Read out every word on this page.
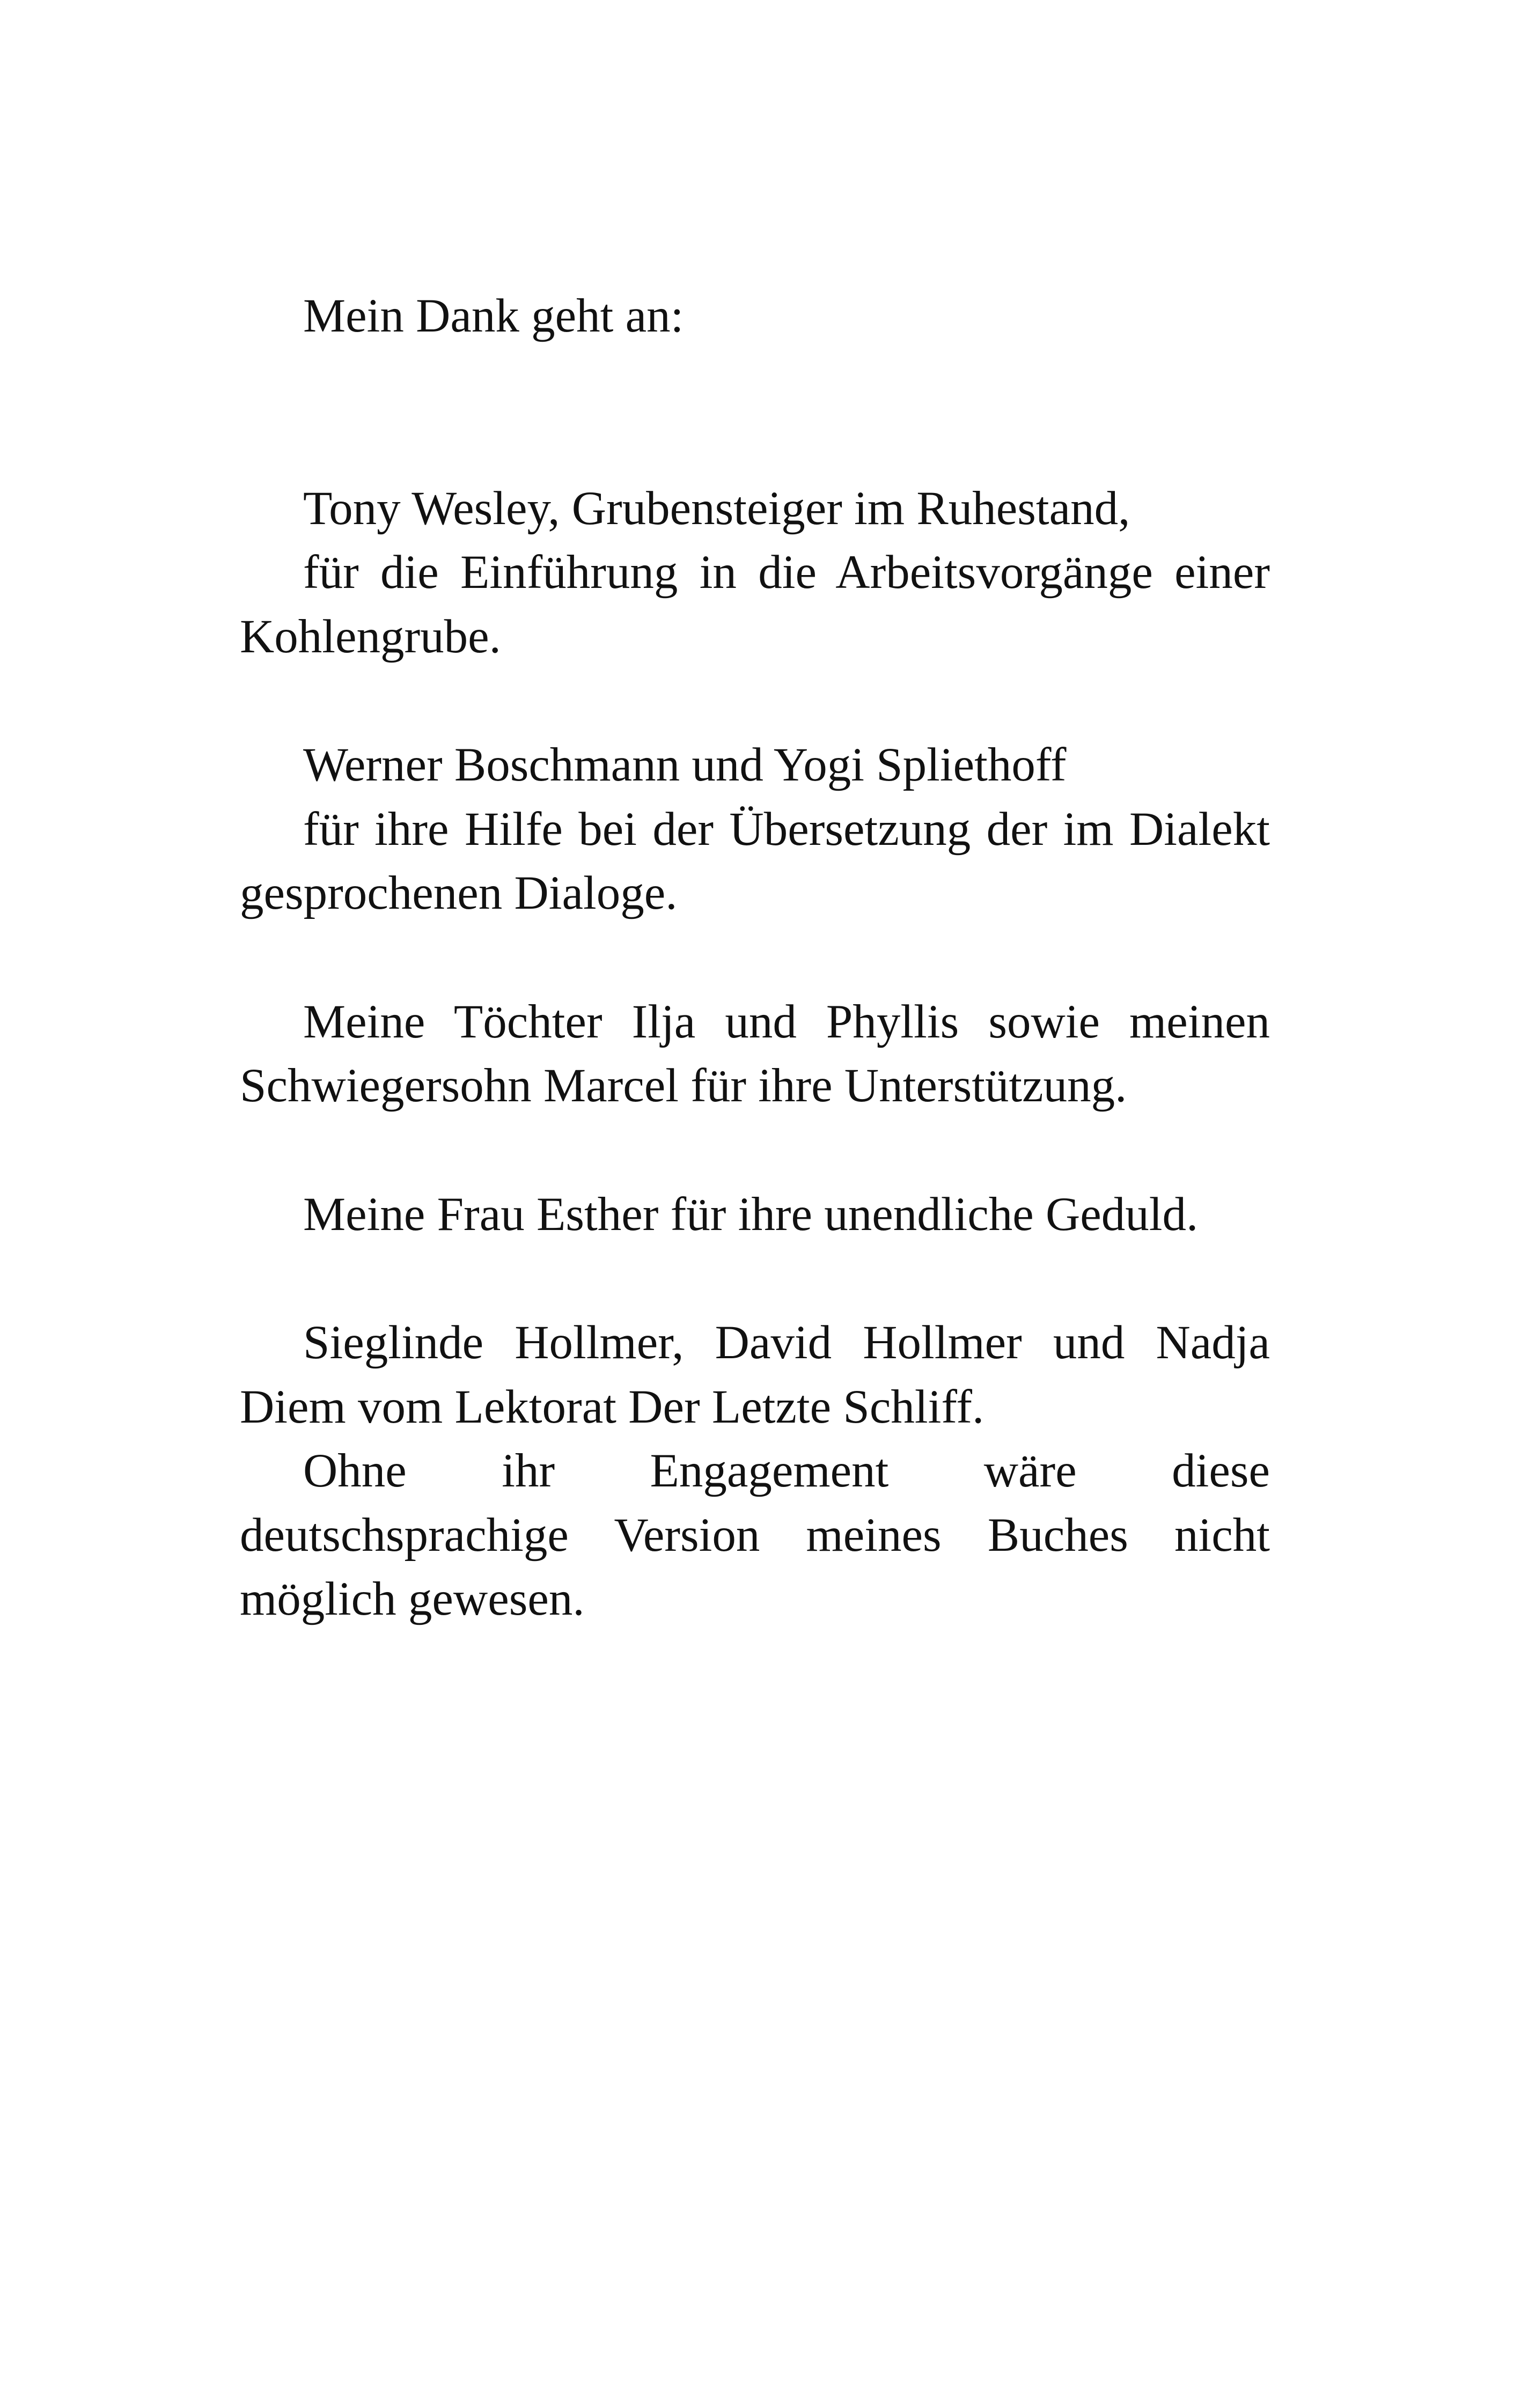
Mein Dank geht an:

Tony Wesley, Grubensteiger im Ruhestand,

für die Einführung in die Arbeitsvorgänge einer Kohlengrube.

Werner Boschmann und Yogi Spliethoff

für ihre Hilfe bei der Übersetzung der im Dialekt gesprochenen Dialoge.

Meine Töchter Ilja und Phyllis sowie meinen Schwiegersohn Marcel für ihre Unterstützung.

Meine Frau Esther für ihre unendliche Geduld.

Sieglinde Hollmer, David Hollmer und Nadja Diem vom Lektorat Der Letzte Schliff.

Ohne ihr Engagement wäre diese deutschsprachige Version meines Buches nicht möglich gewesen.
